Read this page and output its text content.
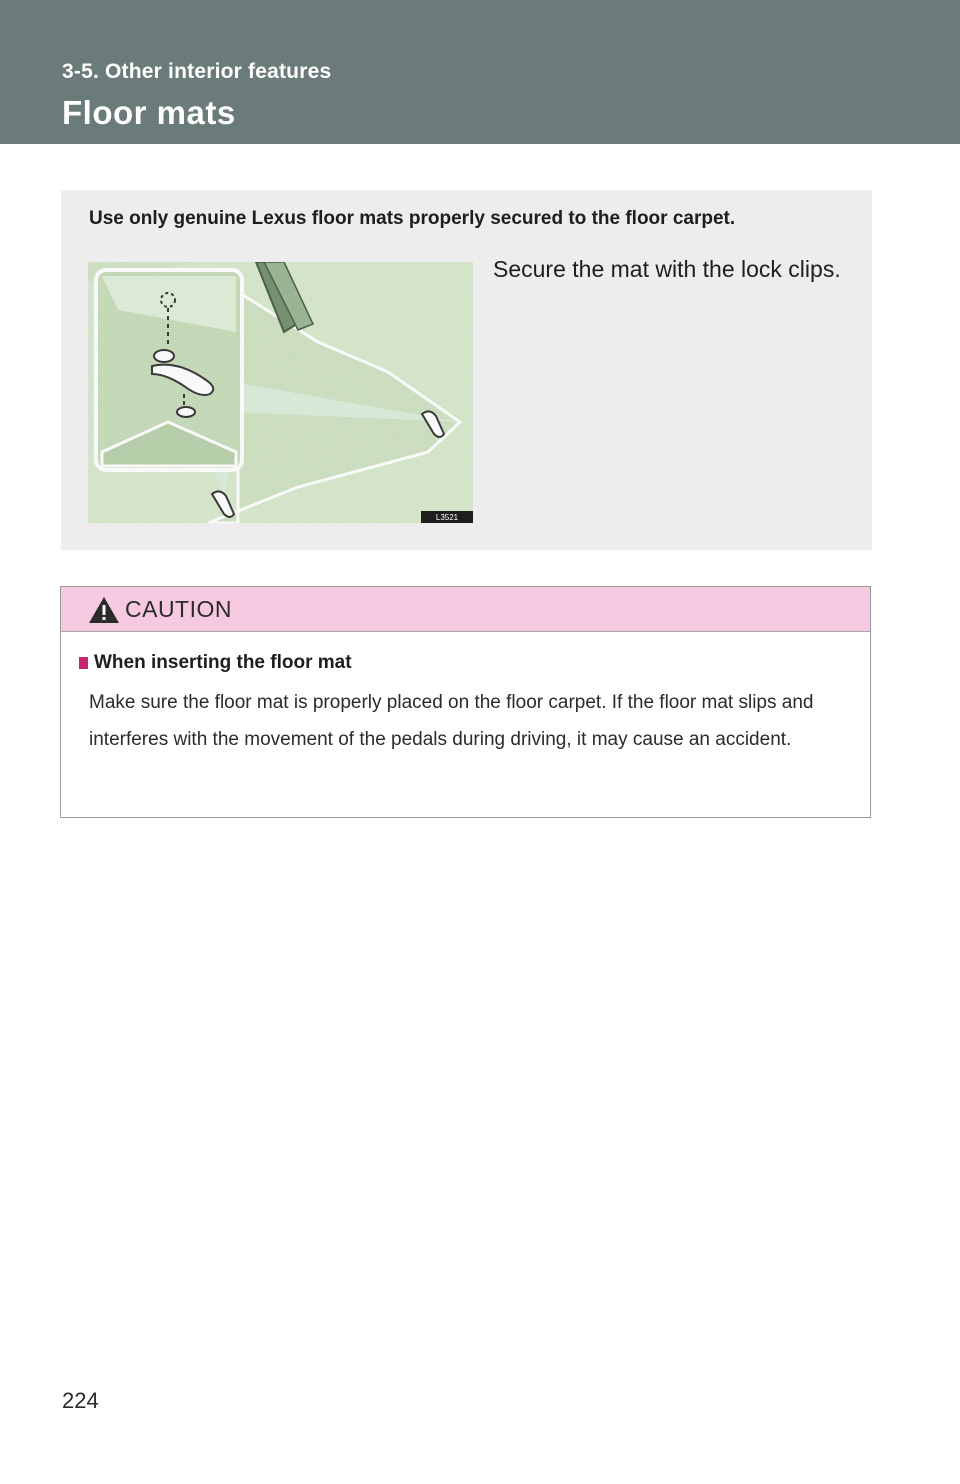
3-5. Other interior features
Floor mats
Use only genuine Lexus floor mats properly secured to the floor carpet.
L3521
Secure the mat with the lock clips.
CAUTION
When inserting the floor mat
Make sure the floor mat is properly placed on the floor carpet. If the floor mat slips and interferes with the movement of the pedals during driving, it may cause an accident.
224
